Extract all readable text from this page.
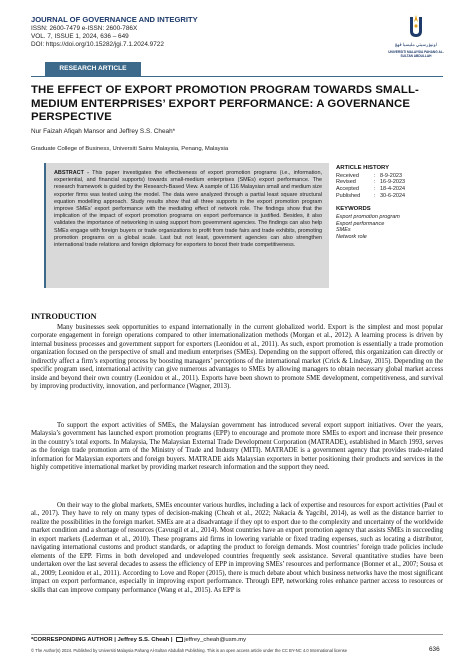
JOURNAL OF GOVERNANCE AND INTEGRITY
ISSN: 2600-7479 e-ISSN: 2600-786X
VOL. 7, ISSUE 1, 2024, 636 – 649
DOI: https://doi.org/10.15282/jgi.7.1.2024.9722	اونيۏرسيتي مليسيا ڤهڠ
UNIVERSITI MALAYSIA PAHANG AL-SULTAN ABDULLAH
RESEARCH ARTICLE
THE EFFECT OF EXPORT PROMOTION PROGRAM TOWARDS SMALL-MEDIUM ENTERPRISES’ EXPORT PERFORMANCE: A GOVERNANCE PERSPECTIVE
Nur Faizah Afiqah Mansor and Jeffrey S.S. Cheah*
Graduate College of Business, Universiti Sains Malaysia, Penang, Malaysia
ABSTRACT - This paper investigates the effectiveness of export promotion programs (i.e., information, experiential, and financial supports) towards small-medium enterprises (SMEs) export performance. The research framework is guided by the Research-Based View. A sample of 116 Malaysian small and medium size exporter firms was tested using the model. The data were analyzed through a partial least square structural equation modelling approach. Study results show that all three supports in the export promotion program improve SMEs' export performance with the mediating effect of network role. The findings show that the implication of the impact of export promotion programs on export performance is justified. Besides, it also validates the importance of networking in using support from government agencies. The findings can also help SMEs engage with foreign buyers or trade organizations to profit from trade fairs and trade exhibits, promoting promotion programs on a global scale. Last but not least, government agencies can also strengthen international trade relations and foreign diplomacy for exporters to boost their trade competitiveness.
ARTICLE HISTORY
Received	: 8-9-2023
Revised	: 16-9-2023
Accepted	: 18-4-2024
Published	: 30-6-2024
KEYWORDS
Export promotion program
Export performance
SMEs
Network role
INTRODUCTION

Many businesses seek opportunities to expand internationally in the current globalized world. Export is the simplest and most popular corporate engagement in foreign operations compared to other internationalization methods (Morgan et al., 2012). A learning process is driven by internal business processes and government support for exporters (Leonidou et al., 2011). As such, export promotion is essentially a trade promotion organization focused on the perspective of small and medium enterprises (SMEs). Depending on the support offered, this organization can directly or indirectly affect a firm’s exporting process by boosting managers’ perceptions of the international market (Crick & Lindsay, 2015). Depending on the specific program used, international activity can give numerous advantages to SMEs by allowing managers to obtain necessary global market access inside and beyond their own country (Leonidou et al., 2011). Exports have been shown to promote SME development, competitiveness, and survival by improving productivity, innovation, and performance (Wagner, 2013).

To support the export activities of SMEs, the Malaysian government has introduced several export support initiatives. Over the years, Malaysia’s government has launched export promotion programs (EPP) to encourage and promote more SMEs to export and increase their presence in the country’s total exports. In Malaysia, The Malaysian External Trade Development Corporation (MATRADE), established in March 1993, serves as the foreign trade promotion arm of the Ministry of Trade and Industry (MITI). MATRADE is a government agency that provides trade-related information for Malaysian exporters and foreign buyers. MATRADE aids Malaysian exporters in better positioning their products and services in the highly competitive international market by providing market research information and the support they need.

On their way to the global markets, SMEs encounter various hurdles, including a lack of expertise and resources for export activities (Paul et al., 2017). They have to rely on many types of decision-making (Cheah et al., 2022; Nakacia & Yagcibl, 2014), as well as the distance barrier to realize the possibilities in the foreign market. SMEs are at a disadvantage if they opt to export due to the complexity and uncertainty of the worldwide market condition and a shortage of resources (Cavusgil et al., 2014). Most countries have an export promotion agency that assists SMEs in succeeding in export markets (Lederman et al., 2010). These programs aid firms in lowering variable or fixed trading expenses, such as locating a distributor, navigating international customs and product standards, or adapting the product to foreign demands. Most countries’ foreign trade policies include elements of the EPP. Firms in both developed and undeveloped countries frequently seek assistance. Several quantitative studies have been undertaken over the last several decades to assess the efficiency of EPP in improving SMEs’ resources and performance (Bonner et al., 2007; Sousa et al., 2009; Leonidou et al., 2011). According to Love and Roper (2015), there is much debate about which business networks have the most significant impact on export performance, especially in improving export performance. Through EPP, networking roles enhance partner access to resources or skills that can improve company performance (Wang et al., 2015). As EPP is

*CORRESPONDING AUTHOR | Jeffrey S.S. Cheah | jeffrey_cheah@usm.my
© The Author(s) 2024. Published by Universiti Malaysia Pahang Al-Sultan Abdullah Publishing. This is an open access article under the CC BY-NC 4.0 International license	636
